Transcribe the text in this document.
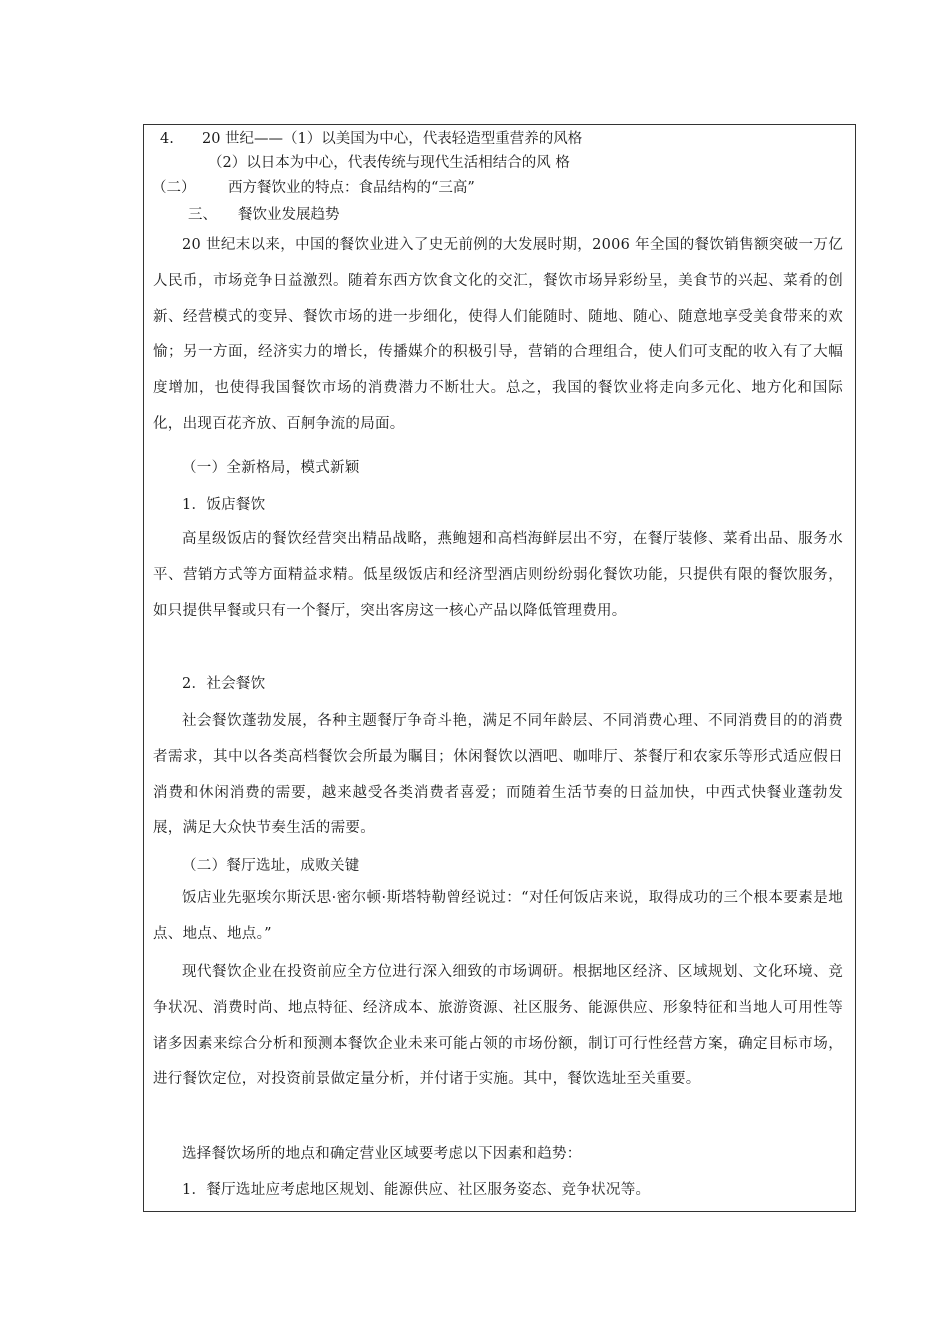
4. 20 世纪——（1）以美国为中心，代表轻造型重营养的风格
（2）以日本为中心，代表传统与现代生活相结合的风 格
（二） 西方餐饮业的特点：食品结构的“三高”
三、 餐饮业发展趋势
20 世纪末以来，中国的餐饮业进入了史无前例的大发展时期，2006 年全国的餐饮销售额突破一万亿人民币，市场竞争日益激烈。随着东西方饮食文化的交汇，餐饮市场异彩纷呈，美食节的兴起、菜肴的创新、经营模式的变异、餐饮市场的进一步细化，使得人们能随时、随地、随心、随意地享受美食带来的欢愉；另一方面，经济实力的增长，传播媒介的积极引导，营销的合理组合，使人们可支配的收入有了大幅度增加，也使得我国餐饮市场的消费潜力不断壮大。总之，我国的餐饮业将走向多元化、地方化和国际化，出现百花齐放、百舸争流的局面。
（一）全新格局，模式新颖
1．饭店餐饮
高星级饭店的餐饮经营突出精品战略，燕鲍翅和高档海鲜层出不穷，在餐厅装修、菜肴出品、服务水平、营销方式等方面精益求精。低星级饭店和经济型酒店则纷纷弱化餐饮功能，只提供有限的餐饮服务，如只提供早餐或只有一个餐厅，突出客房这一核心产品以降低管理费用。
2．社会餐饮
社会餐饮蓬勃发展，各种主题餐厅争奇斗艳，满足不同年龄层、不同消费心理、不同消费目的的消费者需求，其中以各类高档餐饮会所最为瞩目；休闲餐饮以酒吧、咖啡厅、茶餐厅和农家乐等形式适应假日消费和休闲消费的需要，越来越受各类消费者喜爱；而随着生活节奏的日益加快，中西式快餐业蓬勃发展，满足大众快节奏生活的需要。
（二）餐厅选址，成败关键
饭店业先驱埃尔斯沃思·密尔顿·斯塔特勒曾经说过：“对任何饭店来说，取得成功的三个根本要素是地点、地点、地点。”
现代餐饮企业在投资前应全方位进行深入细致的市场调研。根据地区经济、区域规划、文化环境、竞争状况、消费时尚、地点特征、经济成本、旅游资源、社区服务、能源供应、形象特征和当地人可用性等诸多因素来综合分析和预测本餐饮企业未来可能占领的市场份额，制订可行性经营方案，确定目标市场，进行餐饮定位，对投资前景做定量分析，并付诸于实施。其中，餐饮选址至关重要。
选择餐饮场所的地点和确定营业区域要考虑以下因素和趋势：
1．餐厅选址应考虑地区规划、能源供应、社区服务姿态、竞争状况等。
